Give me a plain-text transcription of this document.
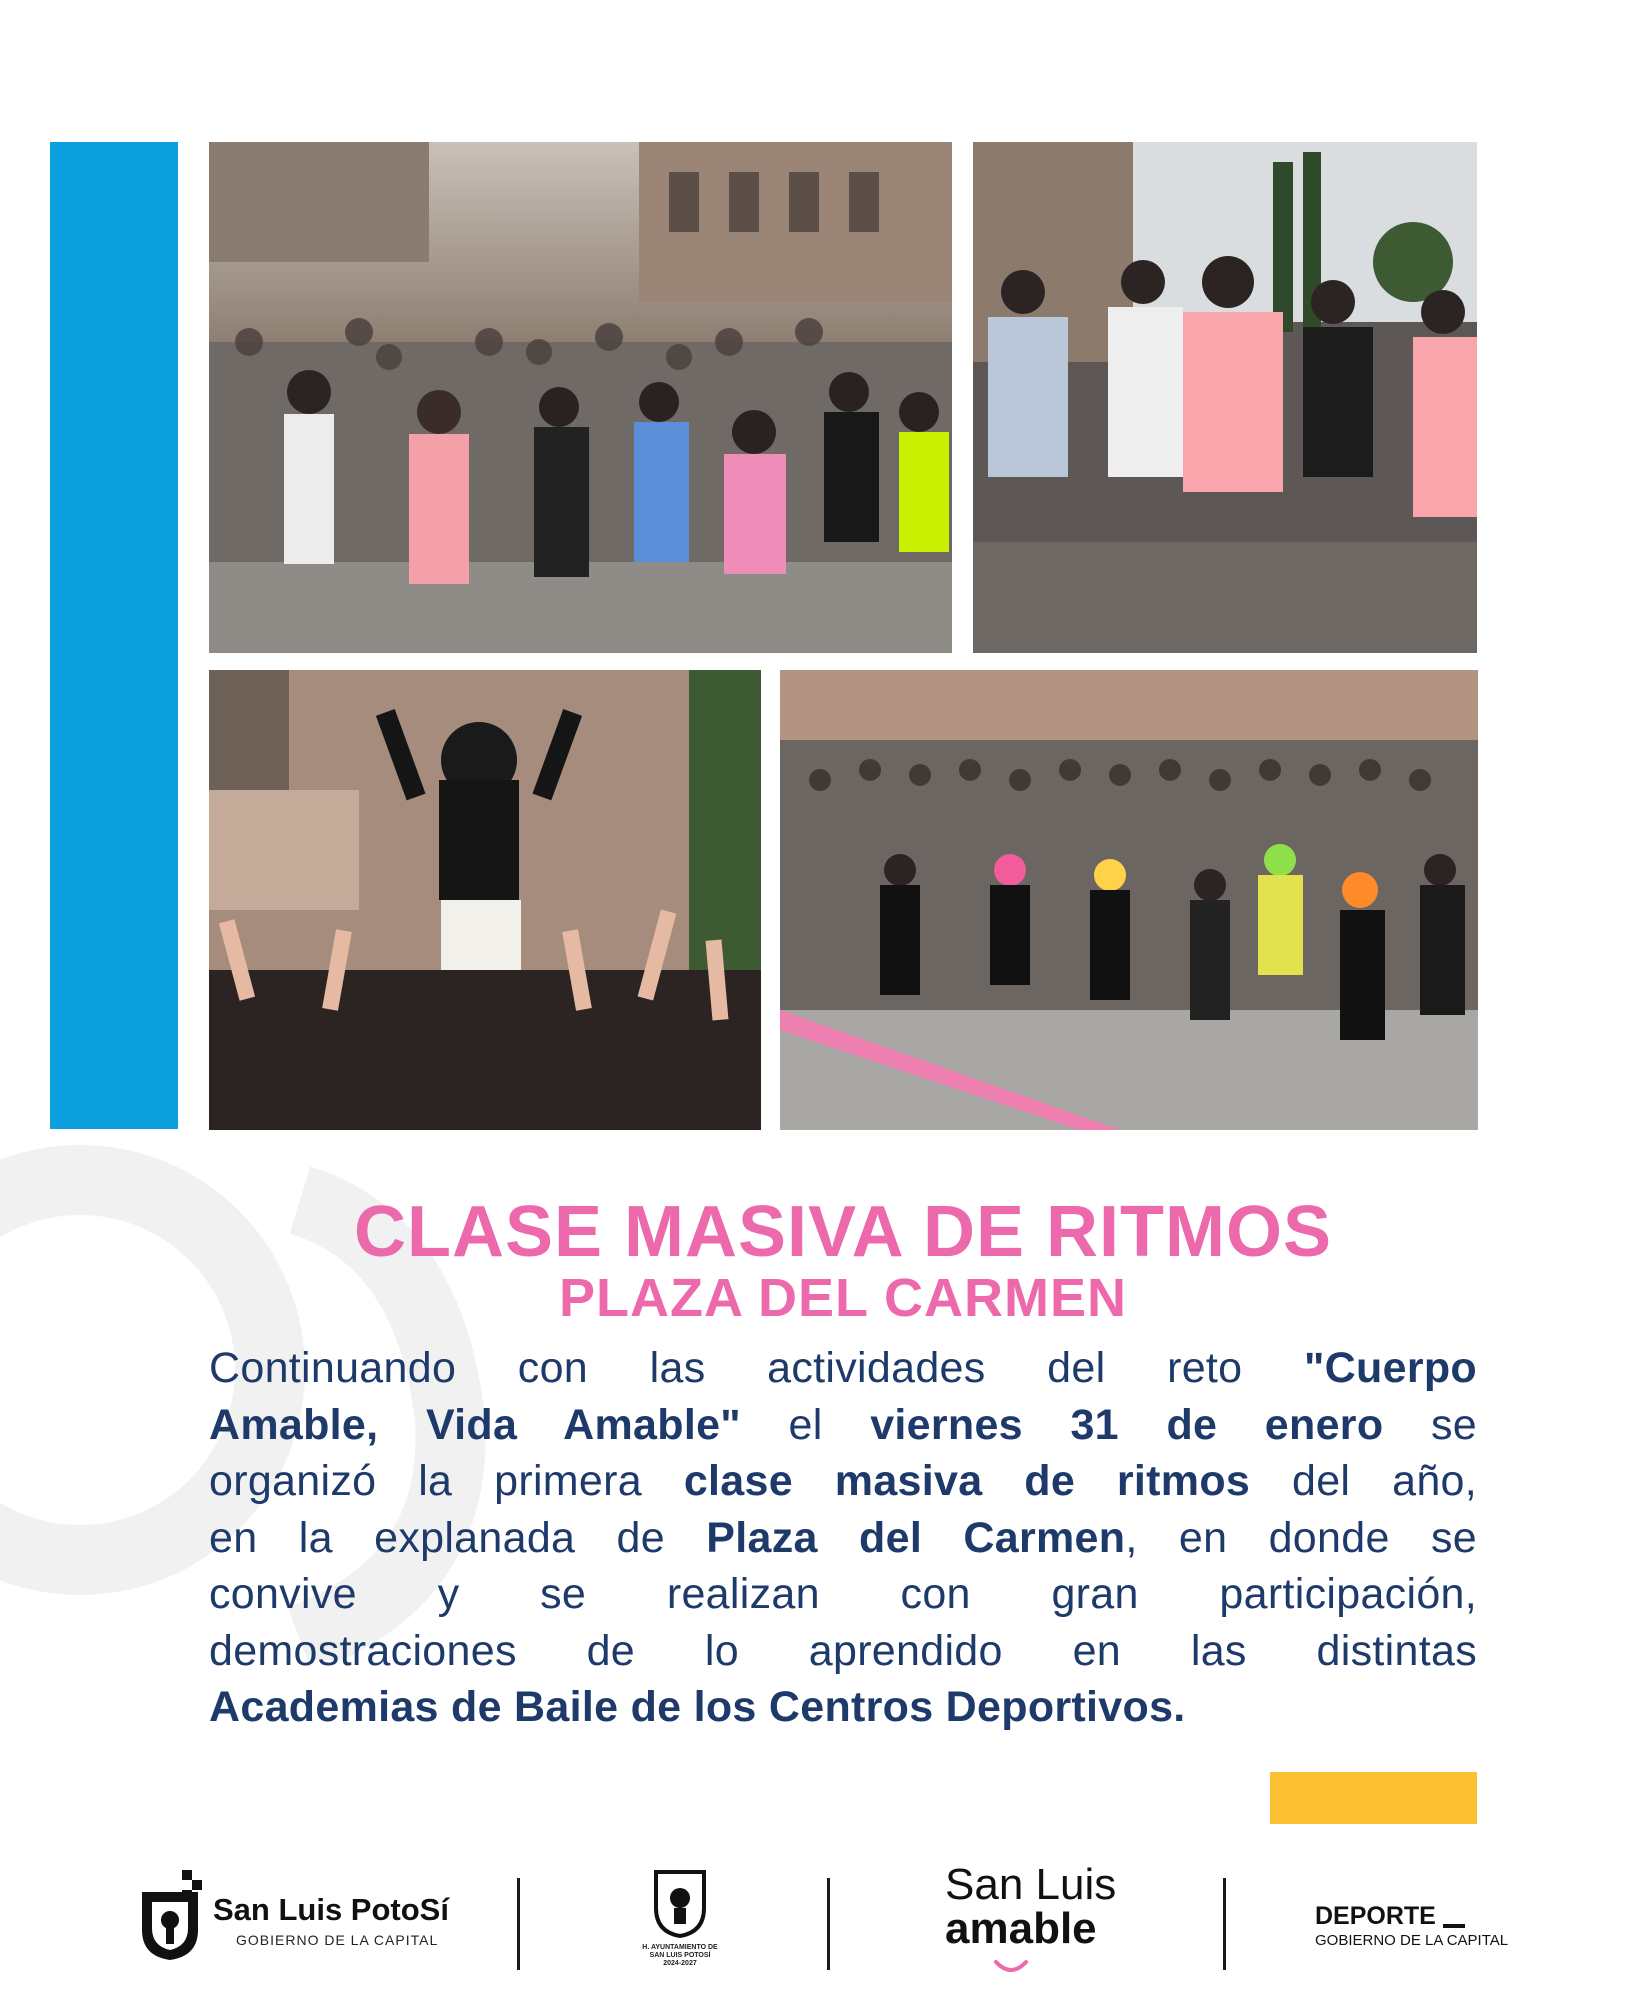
CLASE MASIVA DE RITMOS
PLAZA DEL CARMEN
Continuando con las actividades del reto "Cuerpo
Amable, Vida Amable" el viernes 31 de enero se
organizó la primera clase masiva de ritmos del año,
en la explanada de Plaza del Carmen, en donde se
convive y se realizan con gran participación,
demostraciones de lo aprendido en las distintas
Academias de Baile de los Centros Deportivos.
San Luis PotoSí
GOBIERNO DE LA CAPITAL	H. AYUNTAMIENTO DE
SAN LUIS POTOSÍ
2024-2027
San Luis
amable	DEPORTE
GOBIERNO DE LA CAPITAL
